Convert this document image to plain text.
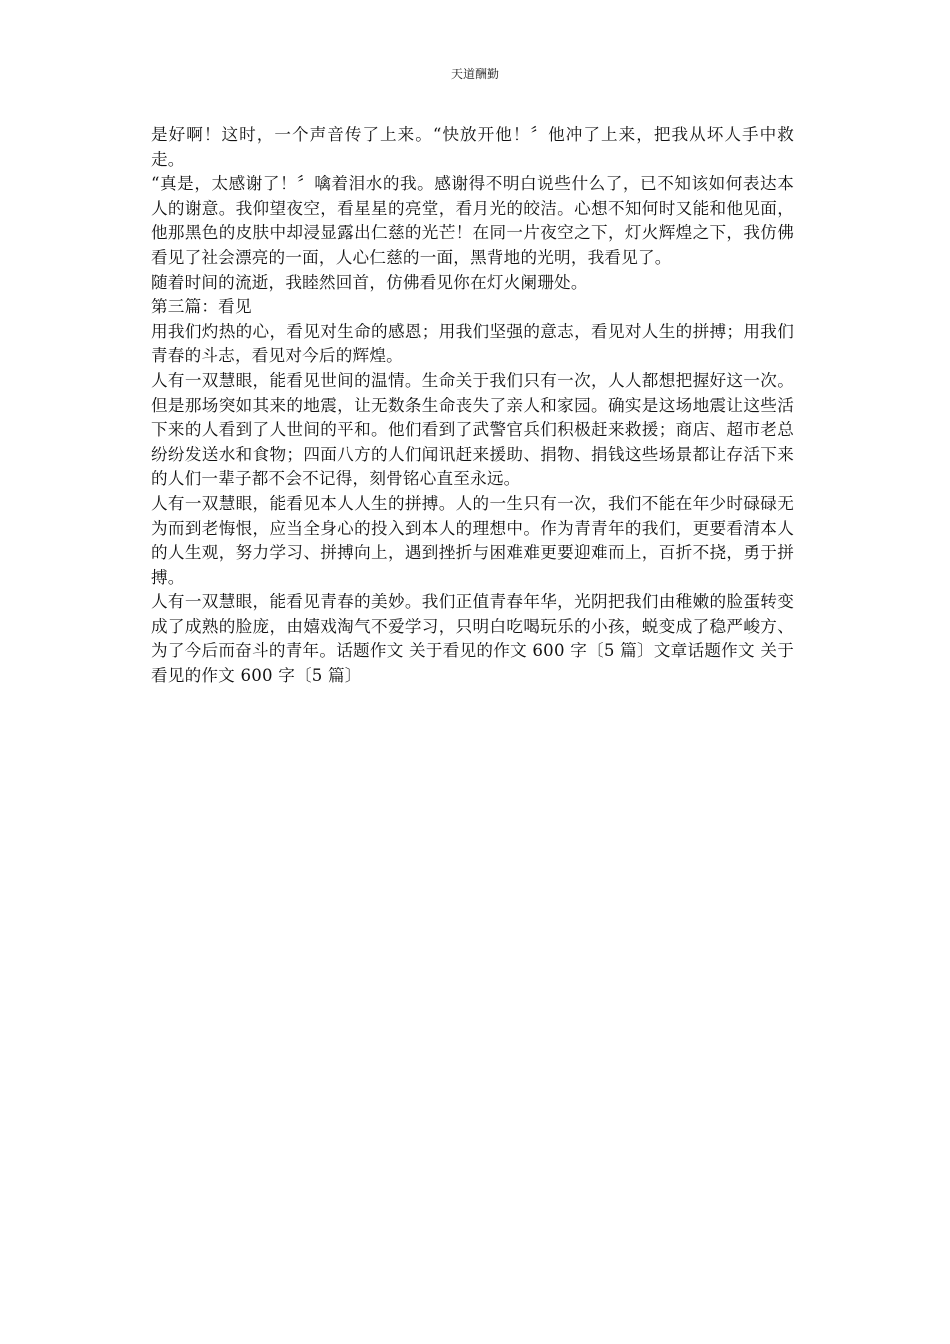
天道酬勤

是好啊！这时，一个声音传了上来。“快放开他！〞他冲了上来，把我从坏人手中救走。

“真是，太感谢了！〞噙着泪水的我。感谢得不明白说些什么了，已不知该如何表达本人的谢意。我仰望夜空，看星星的亮堂，看月光的皎洁。心想不知何时又能和他见面，他那黑色的皮肤中却浸显露出仁慈的光芒！在同一片夜空之下，灯火辉煌之下，我仿佛看见了社会漂亮的一面，人心仁慈的一面，黑背地的光明，我看见了。

随着时间的流逝，我睦然回首，仿佛看见你在灯火阑珊处。

第三篇：看见

用我们灼热的心，看见对生命的感恩；用我们坚强的意志，看见对人生的拼搏；用我们青春的斗志，看见对今后的辉煌。

人有一双慧眼，能看见世间的温情。生命关于我们只有一次，人人都想把握好这一次。但是那场突如其来的地震，让无数条生命丧失了亲人和家园。确实是这场地震让这些活下来的人看到了人世间的平和。他们看到了武警官兵们积极赶来救援；商店、超市老总纷纷发送水和食物；四面八方的人们闻讯赶来援助、捐物、捐钱这些场景都让存活下来的人们一辈子都不会不记得，刻骨铭心直至永远。

人有一双慧眼，能看见本人人生的拼搏。人的一生只有一次，我们不能在年少时碌碌无为而到老悔恨，应当全身心的投入到本人的理想中。作为青青年的我们，更要看清本人的人生观，努力学习、拼搏向上，遇到挫折与困难难更要迎难而上，百折不挠，勇于拼搏。

人有一双慧眼，能看见青春的美妙。我们正值青春年华，光阴把我们由稚嫩的脸蛋转变成了成熟的脸庞，由嬉戏淘气不爱学习，只明白吃喝玩乐的小孩，蜕变成了稳严峻方、为了今后而奋斗的青年。话题作文 关于看见的作文 600 字〔5 篇〕文章话题作文 关于看见的作文 600 字〔5 篇〕
